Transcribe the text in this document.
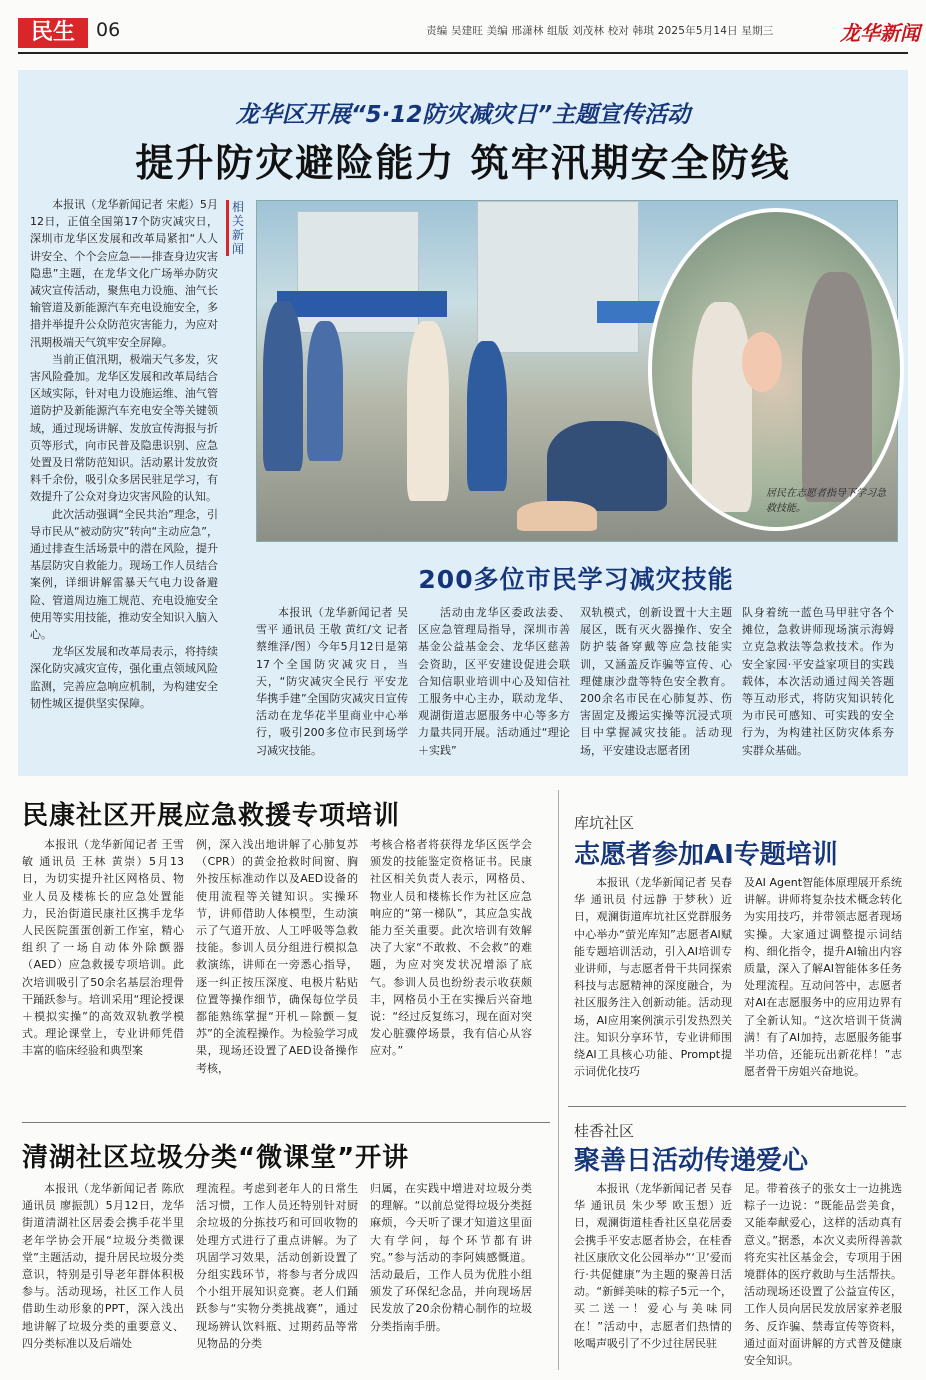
民生	06	责编 吴建旺 美编 邢潇林 组版 刘茂林 校对 韩琪 2025年5月14日 星期三	龙华新闻
龙华区开展“5·12防灾减灾日”主题宣传活动
提升防灾避险能力 筑牢汛期安全防线

本报讯（龙华新闻记者 宋彪）5月12日，正值全国第17个防灾减灾日，深圳市龙华区发展和改革局紧扣“人人讲安全、个个会应急——排查身边灾害隐患”主题，在龙华文化广场举办防灾减灾宣传活动，聚焦电力设施、油气长输管道及新能源汽车充电设施安全，多措并举提升公众防范灾害能力，为应对汛期极端天气筑牢安全屏障。

当前正值汛期，极端天气多发，灾害风险叠加。龙华区发展和改革局结合区域实际，针对电力设施运维、油气管道防护及新能源汽车充电安全等关键领域，通过现场讲解、发放宣传海报与折页等形式，向市民普及隐患识别、应急处置及日常防范知识。活动累计发放资料千余份，吸引众多居民驻足学习，有效提升了公众对身边灾害风险的认知。

此次活动强调“全民共治”理念，引导市民从“被动防灾”转向“主动应急”，通过排查生活场景中的潜在风险，提升基层防灾自救能力。现场工作人员结合案例，详细讲解雷暴天气电力设备避险、管道周边施工规范、充电设施安全使用等实用技能，推动安全知识入脑入心。

龙华区发展和改革局表示，将持续深化防灾减灾宣传，强化重点领域风险监测，完善应急响应机制，为构建安全韧性城区提供坚实保障。

相关新闻
居民在志愿者指导下学习急救技能。
200多位市民学习减灾技能

本报讯（龙华新闻记者 吴雪平 通讯员 王敬 黄红/文 记者 蔡维泽/图）今年5月12日是第17个全国防灾减灾日，当天，“防灾减灾全民行 平安龙华携手建”全国防灾减灾日宣传活动在龙华花半里商业中心举行，吸引200多位市民到场学习减灾技能。

活动由龙华区委政法委、区应急管理局指导，深圳市善基金公益基金会、龙华区慈善会资助，区平安建设促进会联合知信职业培训中心及知信社工服务中心主办，联动龙华、观湖街道志愿服务中心等多方力量共同开展。活动通过“理论＋实践”

双轨模式，创新设置十大主题展区，既有灭火器操作、安全防护装备穿戴等应急技能实训，又涵盖反诈骗等宣传、心理健康沙盘等特色安全教育。200余名市民在心肺复苏、伤害固定及搬运实操等沉浸式项目中掌握减灾技能。活动现场，平安建设志愿者团

队身着统一蓝色马甲驻守各个摊位，急救讲师现场演示海姆立克急救法等急救技术。作为安全家园·平安益家项目的实践载体，本次活动通过闯关答题等互动形式，将防灾知识转化为市民可感知、可实践的安全行为，为构建社区防灾体系夯实群众基础。

民康社区开展应急救援专项培训

本报讯（龙华新闻记者 王雪敏 通讯员 王林 黄崇）5月13日，为切实提升社区网格员、物业人员及楼栋长的应急处置能力，民治街道民康社区携手龙华人民医院蛋蛋创新工作室，精心组织了一场自动体外除颤器（AED）应急救援专项培训。此次培训吸引了50余名基层治理骨干踊跃参与。培训采用“理论授课＋模拟实操”的高效双轨教学模式。理论课堂上，专业讲师凭借丰富的临床经验和典型案

例，深入浅出地讲解了心肺复苏（CPR）的黄金抢救时间窗、胸外按压标准动作以及AED设备的使用流程等关键知识。实操环节，讲师借助人体模型，生动演示了气道开放、人工呼吸等急救技能。参训人员分组进行模拟急救演练，讲师在一旁悉心指导，逐一纠正按压深度、电极片粘贴位置等操作细节，确保每位学员都能熟练掌握“开机－除颤－复苏”的全流程操作。为检验学习成果，现场还设置了AED设备操作考核，

考核合格者将获得龙华区医学会颁发的技能鉴定资格证书。民康社区相关负责人表示，网格员、物业人员和楼栋长作为社区应急响应的“第一梯队”，其应急实战能力至关重要。此次培训有效解决了大家“不敢救、不会救”的难题，为应对突发状况增添了底气。参训人员也纷纷表示收获颇丰，网格员小王在实操后兴奋地说：“经过反复练习，现在面对突发心脏骤停场景，我有信心从容应对。”

库坑社区
志愿者参加AI专题培训

本报讯（龙华新闻记者 吴春华 通讯员 付远静 于梦秋）近日，观澜街道库坑社区党群服务中心举办“萤光库知”志愿者AI赋能专题培训活动，引入AI培训专业讲师，与志愿者骨干共同探索科技与志愿精神的深度融合，为社区服务注入创新动能。活动现场，AI应用案例演示引发热烈关注。知识分享环节，专业讲师围绕AI工具核心功能、Prompt提示词优化技巧

及AI Agent智能体原理展开系统讲解。讲师将复杂技术概念转化为实用技巧，并带领志愿者现场实操。大家通过调整提示词结构、细化指令，提升AI输出内容质量，深入了解AI智能体多任务处理流程。互动问答中，志愿者对AI在志愿服务中的应用边界有了全新认知。“这次培训干货满满！有了AI加持，志愿服务能事半功倍，还能玩出新花样！”志愿者骨干房姐兴奋地说。

清湖社区垃圾分类“微课堂”开讲

本报讯（龙华新闻记者 陈欣 通讯员 廖振凯）5月12日，龙华街道清湖社区居委会携手花半里老年学协会开展“垃圾分类微课堂”主题活动，提升居民垃圾分类意识，特别是引导老年群体积极参与。活动现场，社区工作人员借助生动形象的PPT，深入浅出地讲解了垃圾分类的重要意义、四分类标准以及后端处

理流程。考虑到老年人的日常生活习惯，工作人员还特别针对厨余垃圾的分拣技巧和可回收物的处理方式进行了重点讲解。为了巩固学习效果，活动创新设置了分组实践环节，将参与者分成四个小组开展知识竞赛。老人们踊跃参与“实物分类挑战赛”，通过现场辨认饮料瓶、过期药品等常见物品的分类

归属，在实践中增进对垃圾分类的理解。“以前总觉得垃圾分类挺麻烦，今天听了课才知道这里面大有学问，每个环节都有讲究。”参与活动的李阿姨感慨道。活动最后，工作人员为优胜小组颁发了环保纪念品，并向现场居民发放了20余份精心制作的垃圾分类指南手册。

桂香社区
聚善日活动传递爱心

本报讯（龙华新闻记者 吴春华 通讯员 朱少琴 欧玉想）近日，观澜街道桂香社区皇花居委会携手平安志愿者协会，在桂香社区康欣文化公园举办“‘卫’爱而行·共促健康”为主题的聚善日活动。“新鲜美味的粽子5元一个，买二送一！爱心与美味同在！”活动中，志愿者们热情的吆喝声吸引了不少过往居民驻

足。带着孩子的张女士一边挑选粽子一边说：“既能品尝美食，又能奉献爱心，这样的活动真有意义。”据悉，本次义卖所得善款将充实社区基金会，专项用于困境群体的医疗救助与生活帮扶。活动现场还设置了公益宣传区，工作人员向居民发放居家养老服务、反诈骗、禁毒宣传等资料，通过面对面讲解的方式普及健康安全知识。
